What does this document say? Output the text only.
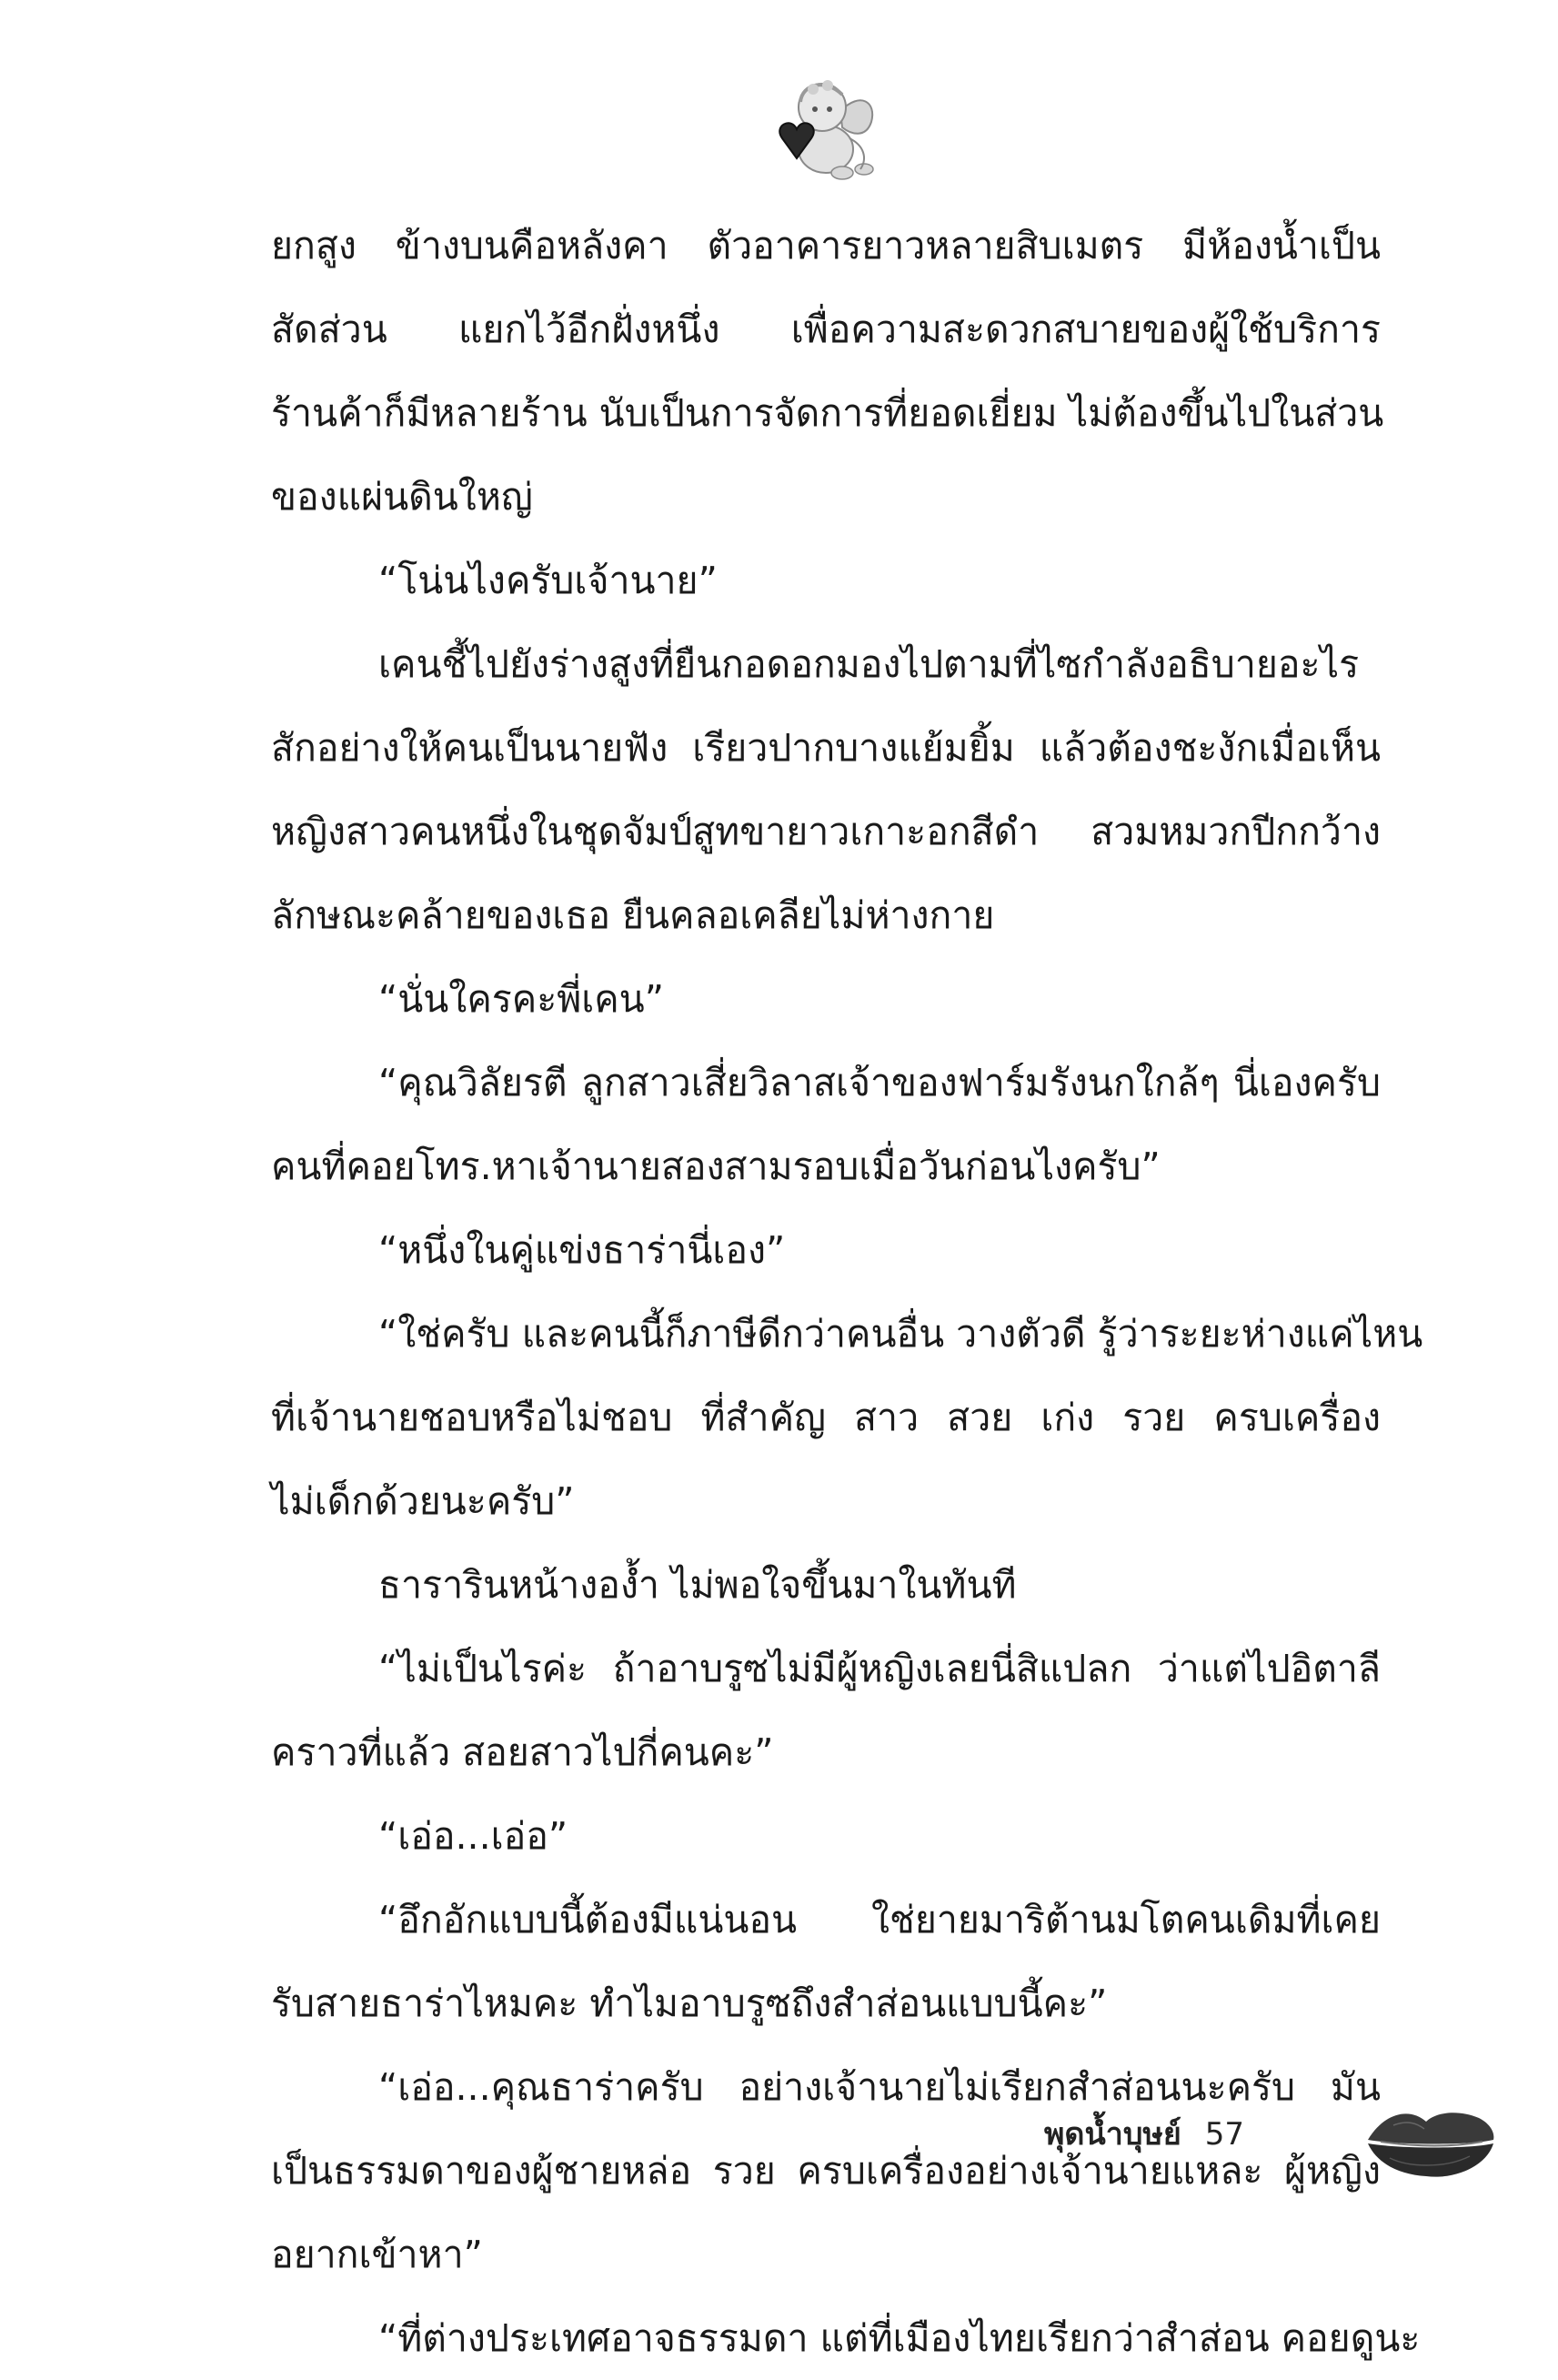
ยกสูง ข้างบนคือหลังคา ตัวอาคารยาวหลายสิบเมตร มีห้องน้ำเป็น
สัดส่วน แยกไว้อีกฝั่งหนึ่ง เพื่อความสะดวกสบายของผู้ใช้บริการ
ร้านค้าก็มีหลายร้าน นับเป็นการจัดการที่ยอดเยี่ยม ไม่ต้องขึ้นไปในส่วน
ของแผ่นดินใหญ่
“โน่นไงครับเจ้านาย”
เคนชี้ไปยังร่างสูงที่ยืนกอดอกมองไปตามที่ไซกำลังอธิบายอะไร
สักอย่างให้คนเป็นนายฟัง เรียวปากบางแย้มยิ้ม แล้วต้องชะงักเมื่อเห็น
หญิงสาวคนหนึ่งในชุดจัมป์สูทขายาวเกาะอกสีดำ สวมหมวกปีกกว้าง
ลักษณะคล้ายของเธอ ยืนคลอเคลียไม่ห่างกาย
“นั่นใครคะพี่เคน”
“คุณวิลัยรตี ลูกสาวเสี่ยวิลาสเจ้าของฟาร์มรังนกใกล้ๆ นี่เองครับ
คนที่คอยโทร.หาเจ้านายสองสามรอบเมื่อวันก่อนไงครับ”
“หนึ่งในคู่แข่งธาร่านี่เอง”
“ใช่ครับ และคนนี้ก็ภาษีดีกว่าคนอื่น วางตัวดี รู้ว่าระยะห่างแค่ไหน
ที่เจ้านายชอบหรือไม่ชอบ ที่สำคัญ สาว สวย เก่ง รวย ครบเครื่อง
ไม่เด็กด้วยนะครับ”
ธารารินหน้างอง้ำ ไม่พอใจขึ้นมาในทันที
“ไม่เป็นไรค่ะ ถ้าอาบรูซไม่มีผู้หญิงเลยนี่สิแปลก ว่าแต่ไปอิตาลี
คราวที่แล้ว สอยสาวไปกี่คนคะ”
“เอ่อ...เอ่อ”
“อึกอักแบบนี้ต้องมีแน่นอน ใช่ยายมาริต้านมโตคนเดิมที่เคย
รับสายธาร่าไหมคะ ทำไมอาบรูซถึงสำส่อนแบบนี้คะ”
“เอ่อ...คุณธาร่าครับ อย่างเจ้านายไม่เรียกสำส่อนนะครับ มัน
เป็นธรรมดาของผู้ชายหล่อ รวย ครบเครื่องอย่างเจ้านายแหละ ผู้หญิง
อยากเข้าหา”
“ที่ต่างประเทศอาจธรรมดา แต่ที่เมืองไทยเรียกว่าสำส่อน คอยดูนะ
พุดน้ำบุษย์ 57
